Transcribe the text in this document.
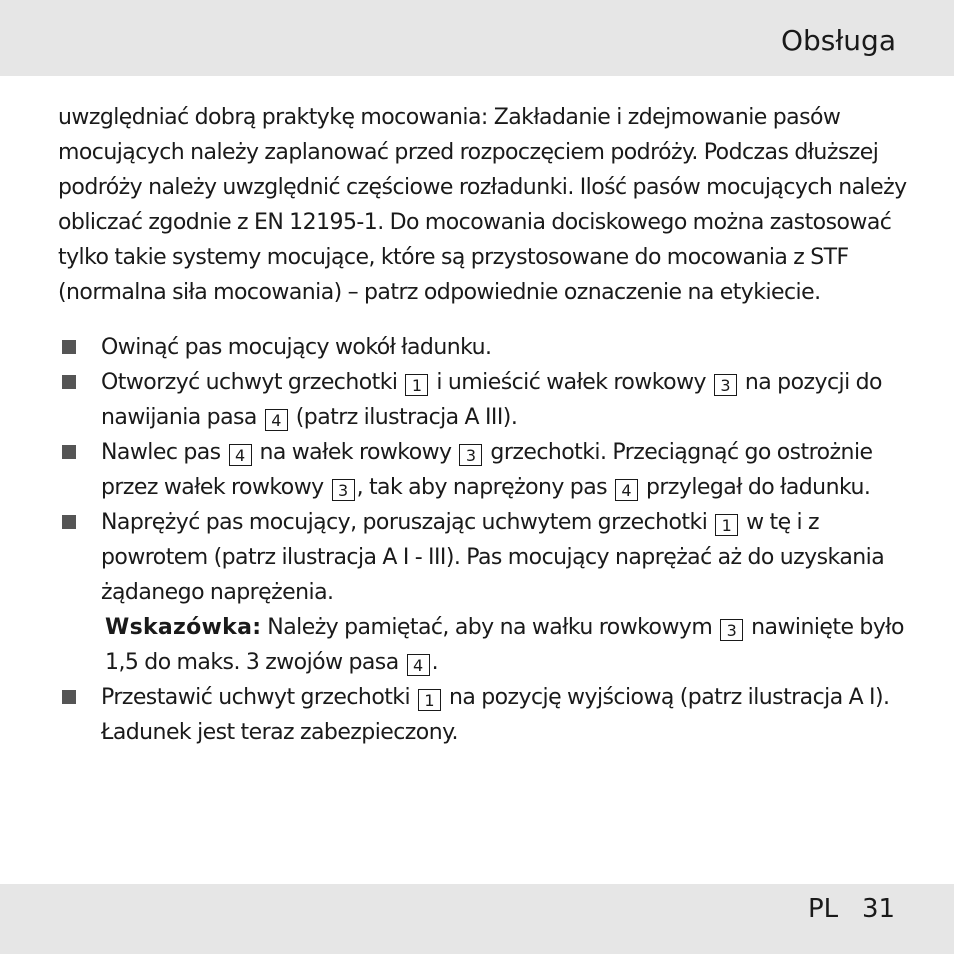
Obsługa

uwzględniać dobrą praktykę mocowania: Zakładanie i zdejmowanie pasów mocujących należy zaplanować przed rozpoczęciem podróży. Podczas dłuższej podróży należy uwzględnić częściowe rozładunki. Ilość pasów mocujących należy obliczać zgodnie z EN 12195-1. Do mocowania dociskowego można zastosować tylko takie systemy mocujące, które są przystosowane do mocowania z STF (normalna siła mocowania) – patrz odpowiednie oznaczenie na etykiecie.

Owinąć pas mocujący wokół ładunku.
Otworzyć uchwyt grzechotki 1 i umieścić wałek rowkowy 3 na pozycji do nawijania pasa 4 (patrz ilustracja A III).
Nawlec pas 4 na wałek rowkowy 3 grzechotki. Przeciągnąć go ostrożnie przez wałek rowkowy 3 , tak aby naprężony pas 4 przylegał do ładunku.
Naprężyć pas mocujący, poruszając uchwytem grzechotki 1 w tę i z powrotem (patrz ilustracja A I - III). Pas mocujący naprężać aż do uzyskania żądanego naprężenia.
Wskazówka: Należy pamiętać, aby na wałku rowkowym 3 nawinięte było 1,5 do maks. 3 zwojów pasa 4 .
Przestawić uchwyt grzechotki 1 na pozycję wyjściową (patrz ilustracja A I). Ładunek jest teraz zabezpieczony.
PL 31
